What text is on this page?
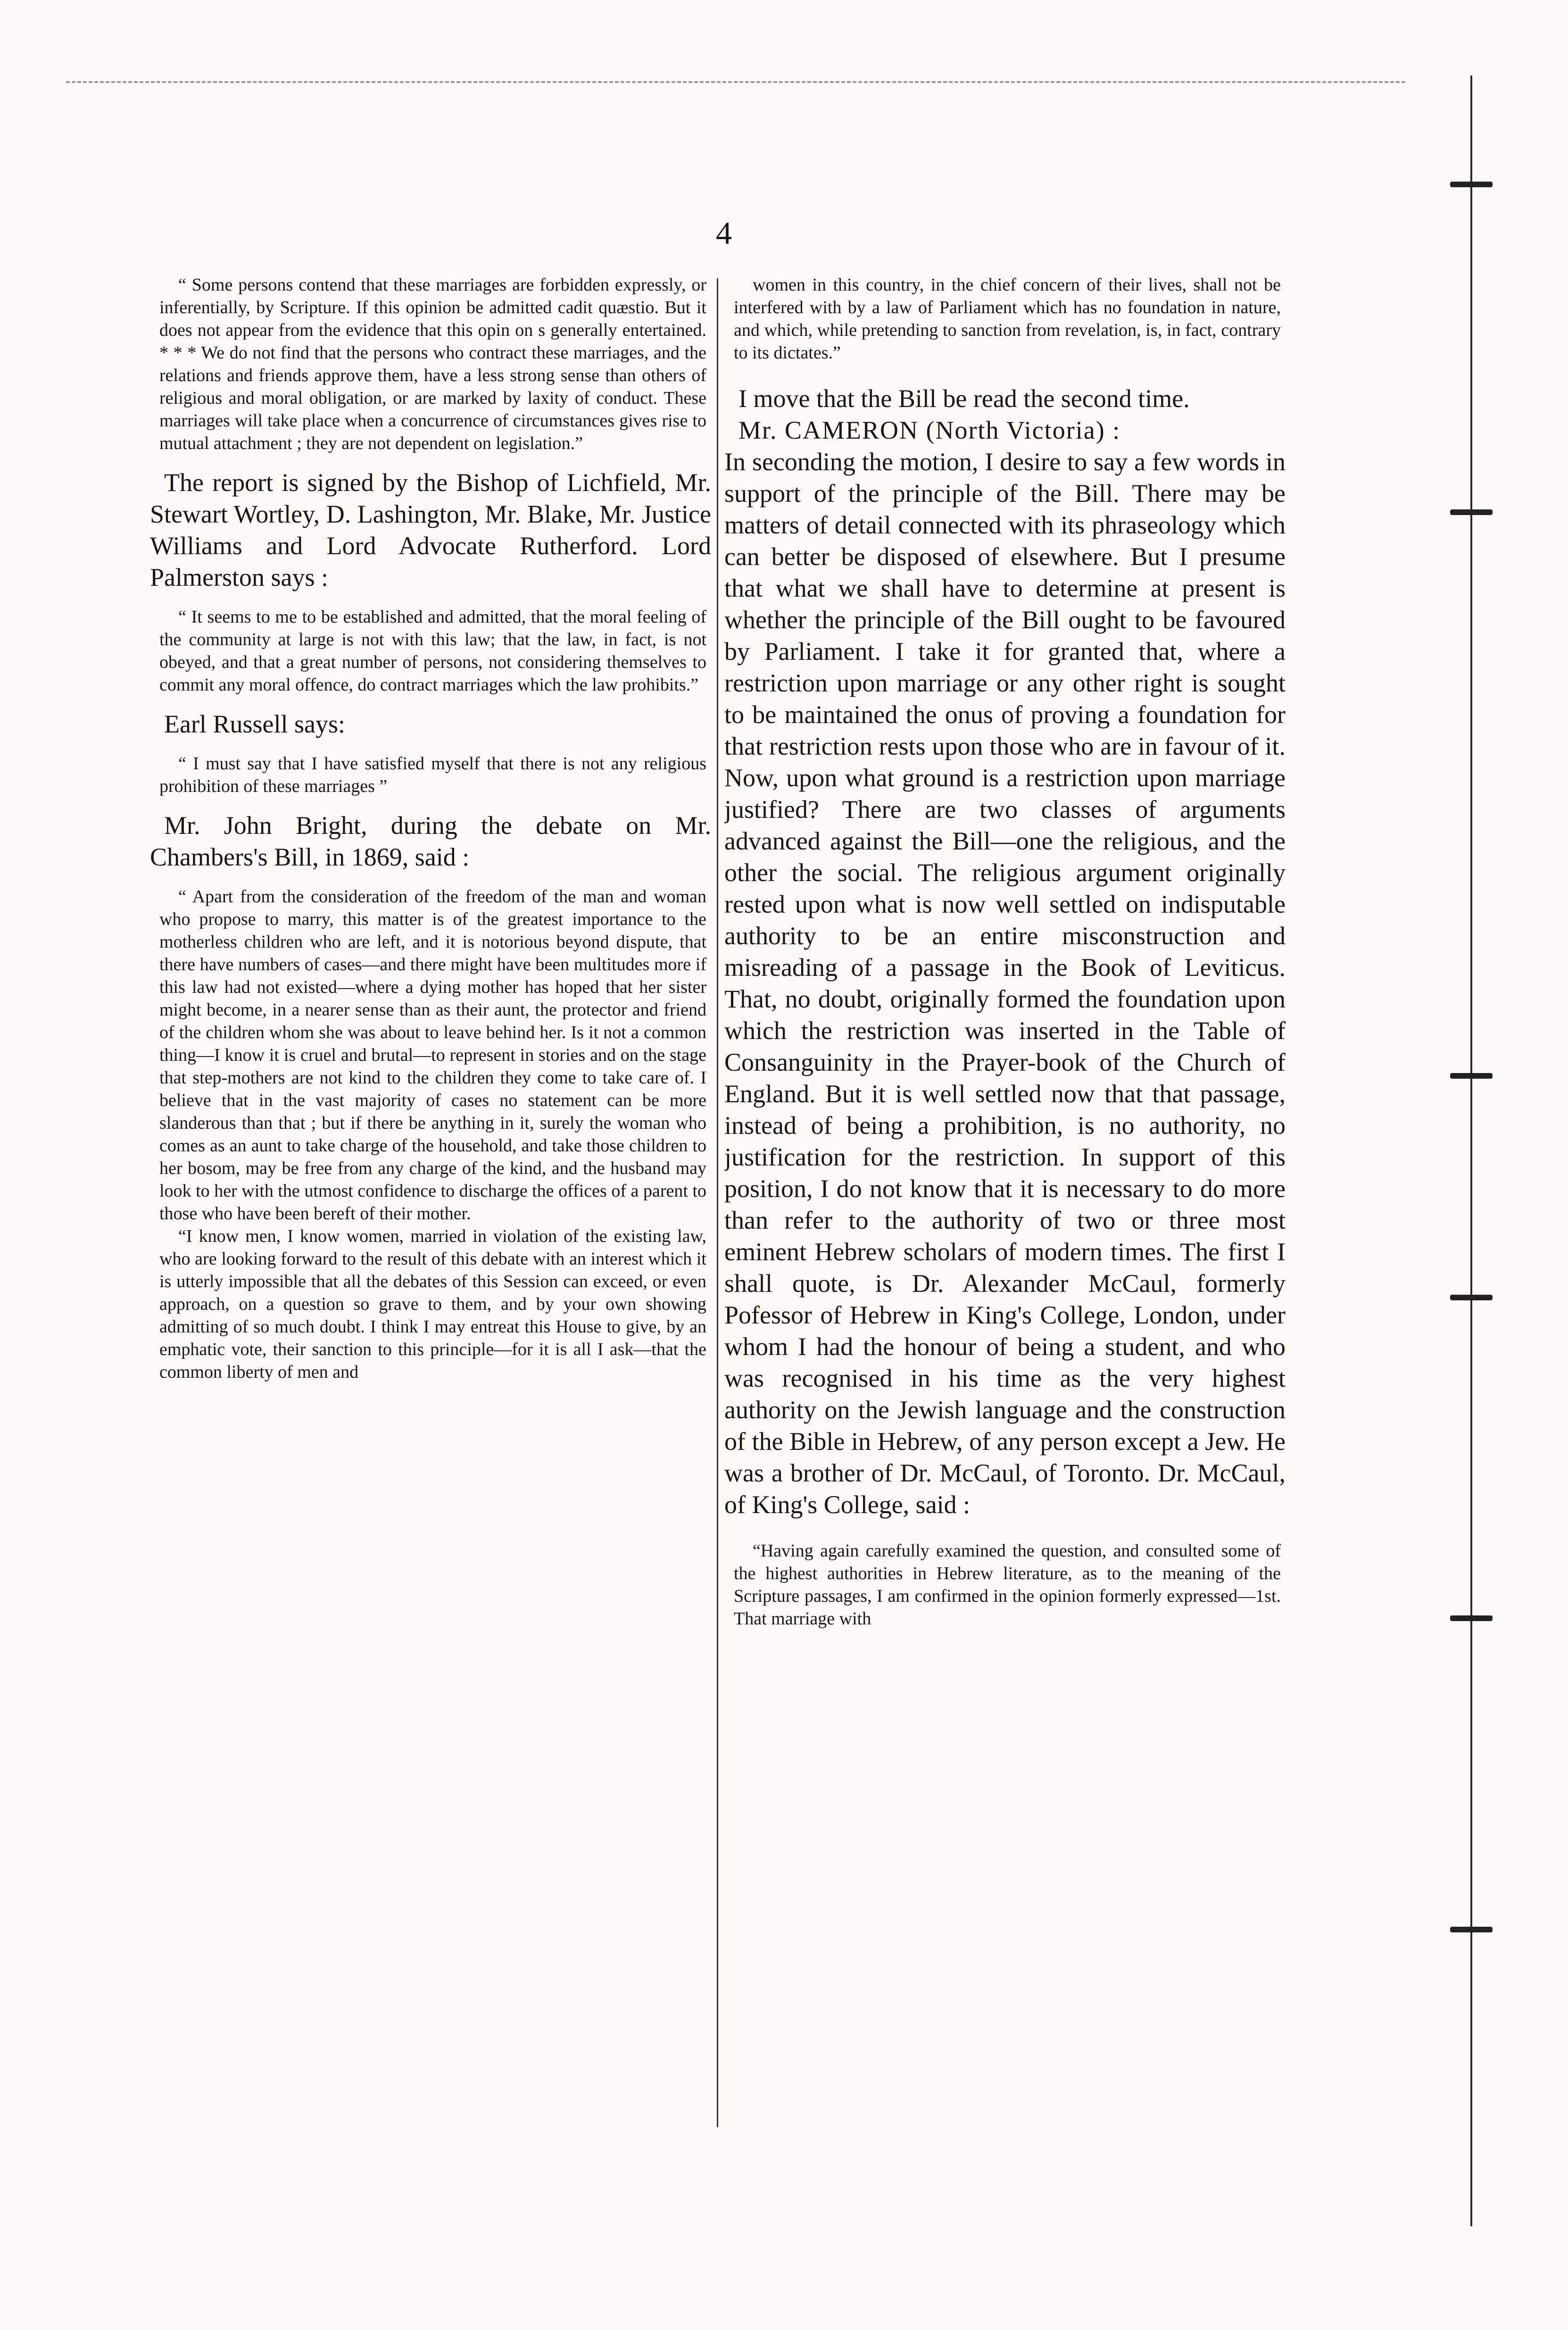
4

“ Some persons contend that these marriages are forbidden expressly, or inferentially, by Scripture. If this opinion be admitted cadit quæstio. But it does not appear from the evidence that this opin on s generally entertained. * * * We do not find that the persons who contract these marriages, and the relations and friends approve them, have a less strong sense than others of religious and moral obligation, or are marked by laxity of conduct. These marriages will take place when a concurrence of circumstances gives rise to mutual attachment ; they are not dependent on legislation.”

The report is signed by the Bishop of Lichfield, Mr. Stewart Wortley, D. Lashington, Mr. Blake, Mr. Justice Williams and Lord Advocate Rutherford. Lord Palmerston says :

“ It seems to me to be established and admitted, that the moral feeling of the community at large is not with this law; that the law, in fact, is not obeyed, and that a great number of persons, not considering themselves to commit any moral offence, do contract marriages which the law prohibits.”

Earl Russell says:

“ I must say that I have satisfied myself that there is not any religious prohibition of these marriages ”

Mr. John Bright, during the debate on Mr. Chambers's Bill, in 1869, said :

“ Apart from the consideration of the freedom of the man and woman who propose to marry, this matter is of the greatest importance to the motherless children who are left, and it is notorious beyond dispute, that there have numbers of cases—and there might have been multitudes more if this law had not existed—where a dying mother has hoped that her sister might become, in a nearer sense than as their aunt, the protector and friend of the children whom she was about to leave behind her. Is it not a common thing—I know it is cruel and brutal—to represent in stories and on the stage that step-mothers are not kind to the children they come to take care of. I believe that in the vast majority of cases no statement can be more slanderous than that ; but if there be anything in it, surely the woman who comes as an aunt to take charge of the household, and take those children to her bosom, may be free from any charge of the kind, and the husband may look to her with the utmost confidence to discharge the offices of a parent to those who have been bereft of their mother.

“I know men, I know women, married in violation of the existing law, who are looking forward to the result of this debate with an interest which it is utterly impossible that all the debates of this Session can exceed, or even approach, on a question so grave to them, and by your own showing admitting of so much doubt. I think I may entreat this House to give, by an emphatic vote, their sanction to this principle—for it is all I ask—that the common liberty of men and

women in this country, in the chief concern of their lives, shall not be interfered with by a law of Parliament which has no foundation in nature, and which, while pretending to sanction from revelation, is, in fact, contrary to its dictates.”

I move that the Bill be read the second time.

Mr. CAMERON (North Victoria) :

In seconding the motion, I desire to say a few words in support of the principle of the Bill. There may be matters of detail connected with its phraseology which can better be disposed of elsewhere. But I presume that what we shall have to determine at present is whether the principle of the Bill ought to be favoured by Parliament. I take it for granted that, where a restriction upon marriage or any other right is sought to be maintained the onus of proving a foundation for that restriction rests upon those who are in favour of it. Now, upon what ground is a restriction upon marriage justified? There are two classes of arguments advanced against the Bill—one the religious, and the other the social. The religious argument originally rested upon what is now well settled on indisputable authority to be an entire misconstruction and misreading of a passage in the Book of Leviticus. That, no doubt, originally formed the foundation upon which the restriction was inserted in the Table of Consanguinity in the Prayer-book of the Church of England. But it is well settled now that that passage, instead of being a prohibition, is no authority, no justification for the restriction. In support of this position, I do not know that it is necessary to do more than refer to the authority of two or three most eminent Hebrew scholars of modern times. The first I shall quote, is Dr. Alexander McCaul, formerly Pofessor of Hebrew in King's College, London, under whom I had the honour of being a student, and who was recognised in his time as the very highest authority on the Jewish language and the construction of the Bible in Hebrew, of any person except a Jew. He was a brother of Dr. McCaul, of Toronto. Dr. McCaul, of King's College, said :

“Having again carefully examined the question, and consulted some of the highest authorities in Hebrew literature, as to the meaning of the Scripture passages, I am confirmed in the opinion formerly expressed—1st. That marriage with
